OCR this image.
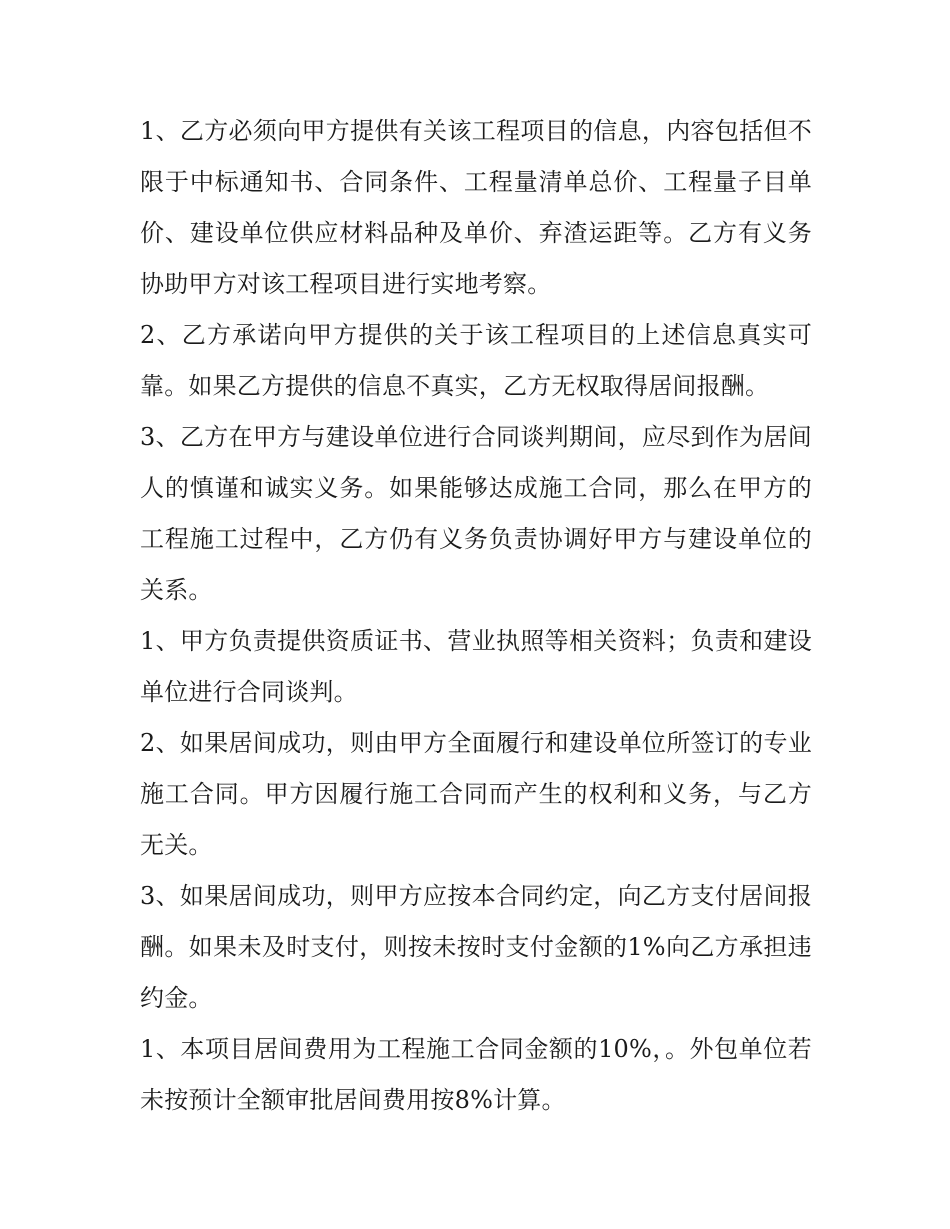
1、乙方必须向甲方提供有关该工程项目的信息，内容包括但不限于中标通知书、合同条件、工程量清单总价、工程量子目单价、建设单位供应材料品种及单价、弃渣运距等。乙方有义务协助甲方对该工程项目进行实地考察。

2、乙方承诺向甲方提供的关于该工程项目的上述信息真实可靠。如果乙方提供的信息不真实，乙方无权取得居间报酬。

3、乙方在甲方与建设单位进行合同谈判期间，应尽到作为居间人的慎谨和诚实义务。如果能够达成施工合同，那么在甲方的工程施工过程中，乙方仍有义务负责协调好甲方与建设单位的关系。

1、甲方负责提供资质证书、营业执照等相关资料；负责和建设单位进行合同谈判。

2、如果居间成功，则由甲方全面履行和建设单位所签订的专业施工合同。甲方因履行施工合同而产生的权利和义务，与乙方无关。

3、如果居间成功，则甲方应按本合同约定，向乙方支付居间报酬。如果未及时支付，则按未按时支付金额的1%向乙方承担违约金。

1、本项目居间费用为工程施工合同金额的10%，。外包单位若未按预计全额审批居间费用按8%计算。
